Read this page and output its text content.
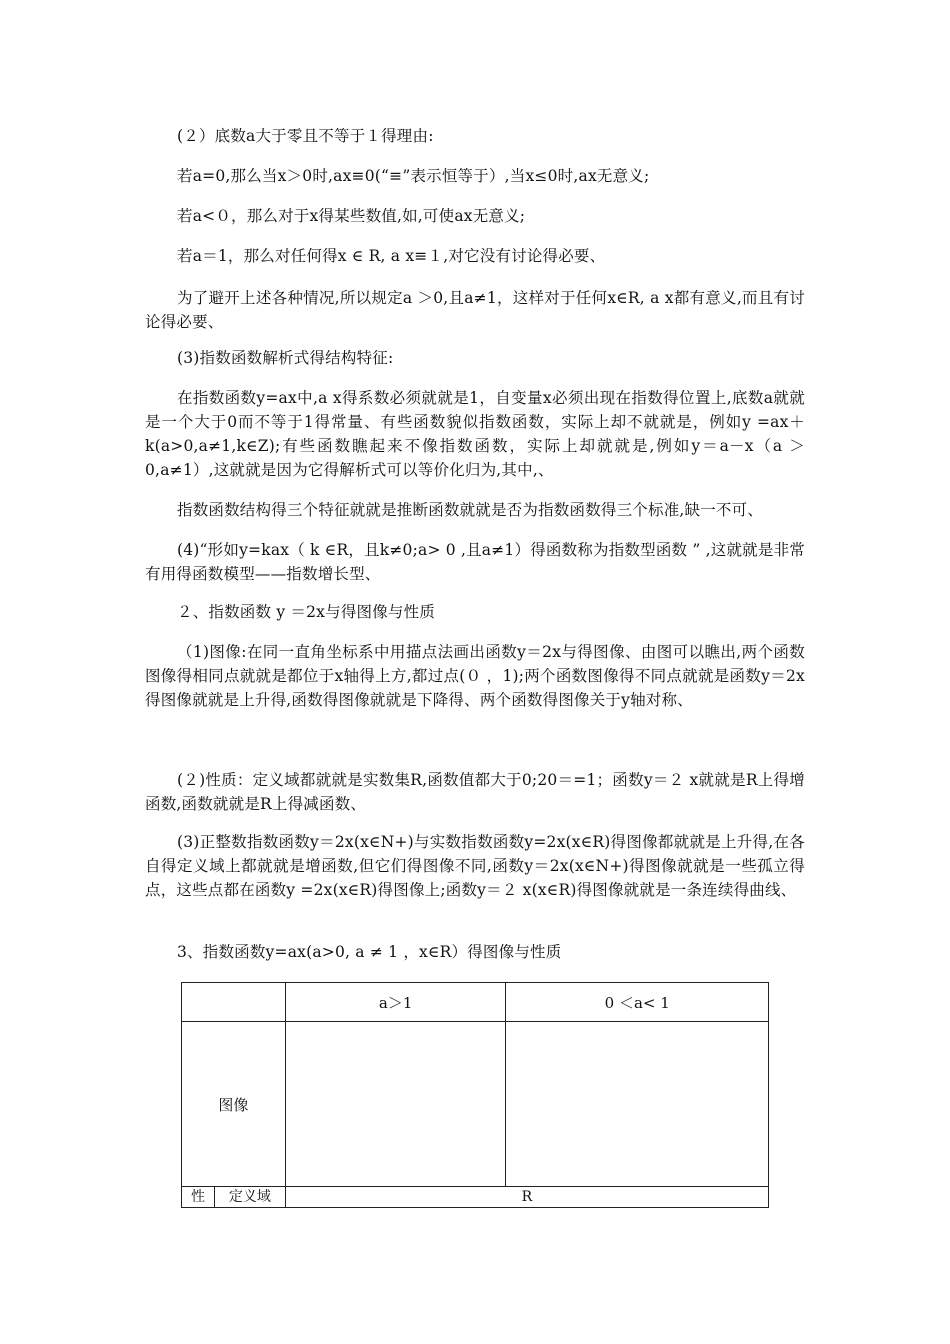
(２）底数a大于零且不等于１得理由:

若a=0,那么当x＞0时,ax≡0(“≡”表示恒等于）,当x≤0时,ax无意义;

若a<０，那么对于x得某些数值,如,可使ax无意义;

若a＝1，那么对任何得x ∈ R, a x≡１,对它没有讨论得必要、

为了避开上述各种情况,所以规定a ＞0,且a≠1，这样对于任何x∈R, a x都有意义,而且有讨论得必要、

(3)指数函数解析式得结构特征:

在指数函数y=ax中,a x得系数必须就就是1，自变量x必须出现在指数得位置上,底数a就就是一个大于0而不等于1得常量、有些函数貌似指数函数，实际上却不就就是，例如y =ax＋k(a>0,a≠1,k∈Z);有些函数瞧起来不像指数函数，实际上却就就是,例如y＝a－x（a ＞0,a≠1）,这就就是因为它得解析式可以等价化归为,其中,、

指数函数结构得三个特征就就是推断函数就就是否为指数函数得三个标准,缺一不可、

(4)“形如y=kax（ k ∈R，且k≠0;a> 0 ,且a≠1）得函数称为指数型函数 ” ,这就就是非常有用得函数模型——指数增长型、

２、指数函数 y ＝2x与得图像与性质

（1)图像:在同一直角坐标系中用描点法画出函数y＝2x与得图像、由图可以瞧出,两个函数图像得相同点就就是都位于x轴得上方,都过点(０ ，1);两个函数图像得不同点就就是函数y＝2x得图像就就是上升得,函数得图像就就是下降得、两个函数得图像关于y轴对称、

(２)性质：定义域都就就是实数集R,函数值都大于0;20＝=1；函数y＝２ x就就是R上得增函数,函数就就是R上得减函数、

(3)正整数指数函数y＝2x(x∈N+)与实数指数函数y=2x(x∈R)得图像都就就是上升得,在各自得定义域上都就就是增函数,但它们得图像不同,函数y＝2x(x∈N+)得图像就就是一些孤立得点，这些点都在函数y =2x(x∈R)得图像上;函数y＝２ x(x∈R)得图像就就是一条连续得曲线、

3、指数函数y=ax(a>0, a ≠ 1 ，x∈R）得图像与性质

		a＞1	0 ＜a< 1
图像			
性	定义域	R	
